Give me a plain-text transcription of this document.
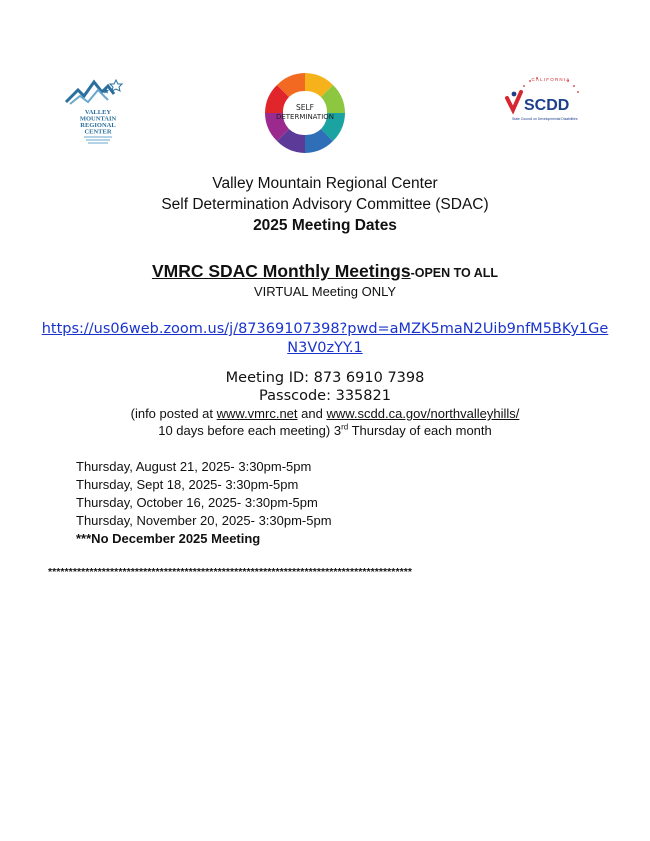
VALLEY
MOUNTAIN
REGIONAL
CENTER
SELF
DETERMINATION
CALIFORNIA
SCDD
State Council on Developmental Disabilities
Valley Mountain Regional Center
Self Determination Advisory Committee (SDAC)
2025 Meeting Dates
VMRC SDAC Monthly Meetings-OPEN TO ALL
VIRTUAL Meeting ONLY
https://us06web.zoom.us/j/87369107398?pwd=aMZK5maN2Uib9nfM5BKy1Ge
N3V0zYY.1
Meeting ID: 873 6910 7398
Passcode: 335821
(info posted at www.vmrc.net and www.scdd.ca.gov/northvalleyhills/
10 days before each meeting) 3rd Thursday of each month
Thursday, August 21, 2025- 3:30pm-5pm
Thursday, Sept 18, 2025- 3:30pm-5pm
Thursday, October 16, 2025- 3:30pm-5pm
Thursday, November 20, 2025- 3:30pm-5pm
***No December 2025 Meeting
****************************************************************************************
